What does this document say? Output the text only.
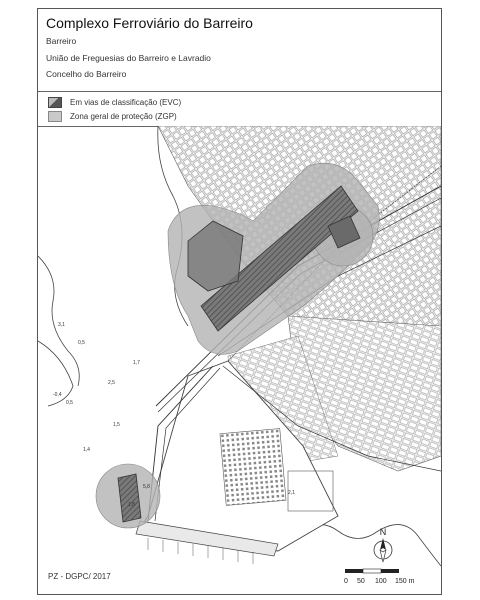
Complexo Ferroviário do Barreiro
Barreiro
União de Freguesias do Barreiro e Lavradio
Concelho do Barreiro
Em vias de classificação (EVC)
Zona geral de proteção (ZGP)
3,1
0,5
1,7
2,5
-0,4
0,5
1,5
1,4
5,8
1,8
2,1
PZ - DGPC/ 2017
N
0 50 100 150 m
